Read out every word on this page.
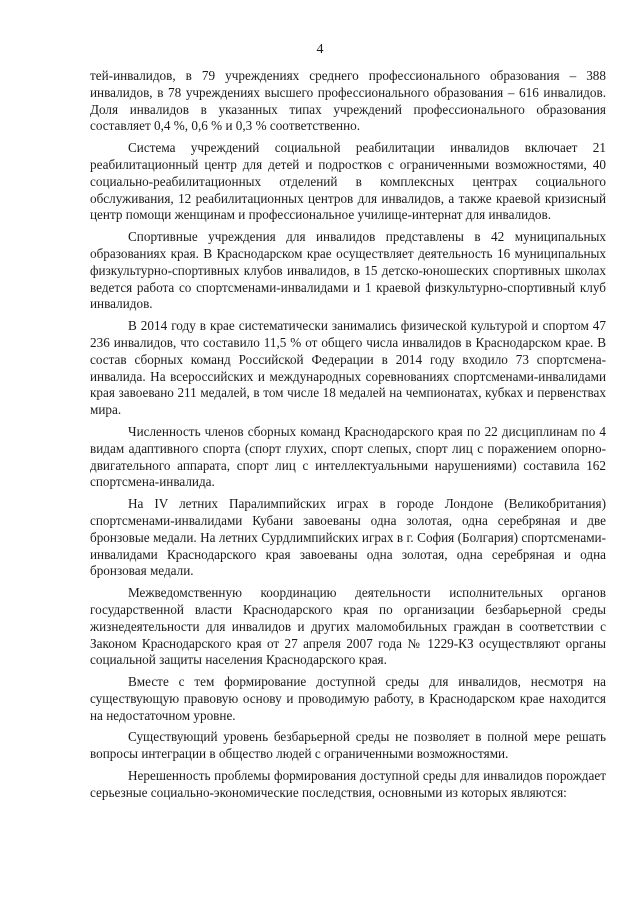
4

тей-инвалидов, в 79 учреждениях среднего профессионального образования – 388 инвалидов, в 78 учреждениях высшего профессионального образования – 616 инвалидов. Доля инвалидов в указанных типах учреждений профессионального образования составляет 0,4 %, 0,6 % и 0,3 % соответственно.

Система учреждений социальной реабилитации инвалидов включает 21 реабилитационный центр для детей и подростков с ограниченными возможностями, 40 социально-реабилитационных отделений в комплексных центрах социального обслуживания, 12 реабилитационных центров для инвалидов, а также краевой кризисный центр помощи женщинам и профессиональное училище-интернат для инвалидов.

Спортивные учреждения для инвалидов представлены в 42 муниципальных образованиях края. В Краснодарском крае осуществляет деятельность 16 муниципальных физкультурно-спортивных клубов инвалидов, в 15 детско-юношеских спортивных школах ведется работа со спортсменами-инвалидами и 1 краевой физкультурно-спортивный клуб инвалидов.

В 2014 году в крае систематически занимались физической культурой и спортом 47 236 инвалидов, что составило 11,5 % от общего числа инвалидов в Краснодарском крае. В состав сборных команд Российской Федерации в 2014 году входило 73 спортсмена-инвалида. На всероссийских и международных соревнованиях спортсменами-инвалидами края завоевано 211 медалей, в том числе 18 медалей на чемпионатах, кубках и первенствах мира.

Численность членов сборных команд Краснодарского края по 22 дисциплинам по 4 видам адаптивного спорта (спорт глухих, спорт слепых, спорт лиц с поражением опорно-двигательного аппарата, спорт лиц с интеллектуальными нарушениями) составила 162 спортсмена-инвалида.

На IV летних Паралимпийских играх в городе Лондоне (Великобритания) спортсменами-инвалидами Кубани завоеваны одна золотая, одна серебряная и две бронзовые медали. На летних Сурдлимпийских играх в г. София (Болгария) спортсменами-инвалидами Краснодарского края завоеваны одна золотая, одна серебряная и одна бронзовая медали.

Межведомственную координацию деятельности исполнительных органов государственной власти Краснодарского края по организации безбарьерной среды жизнедеятельности для инвалидов и других маломобильных граждан в соответствии с Законом Краснодарского края от 27 апреля 2007 года № 1229-КЗ осуществляют органы социальной защиты населения Краснодарского края.

Вместе с тем формирование доступной среды для инвалидов, несмотря на существующую правовую основу и проводимую работу, в Краснодарском крае находится на недостаточном уровне.

Существующий уровень безбарьерной среды не позволяет в полной мере решать вопросы интеграции в общество людей с ограниченными возможностями.

Нерешенность проблемы формирования доступной среды для инвалидов порождает серьезные социально-экономические последствия, основными из которых являются:
